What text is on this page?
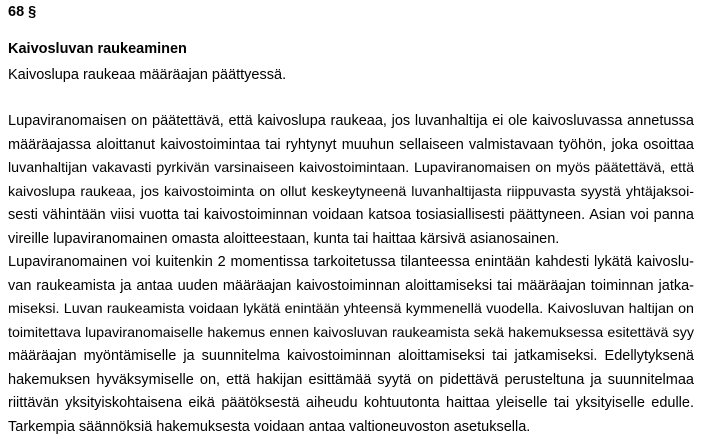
68 §
Kaivosluvan raukeaminen
Kaivoslupa raukeaa määräajan päättyessä.
Lupaviranomaisen on päätettävä, että kaivoslupa raukeaa, jos luvanhaltija ei ole kaivosluvassa annetussa
määräajassa aloittanut kaivostoimintaa tai ryhtynyt muuhun sellaiseen valmistavaan työhön, joka osoittaa
luvanhaltijan vakavasti pyrkivän varsinaiseen kaivostoimintaan. Lupaviranomaisen on myös päätettävä, että
kaivoslupa raukeaa, jos kaivostoiminta on ollut keskeytyneenä luvanhaltijasta riippuvasta syystä yhtäjaksoi-
sesti vähintään viisi vuotta tai kaivostoiminnan voidaan katsoa tosiasiallisesti päättyneen. Asian voi panna
vireille lupaviranomainen omasta aloitteestaan, kunta tai haittaa kärsivä asianosainen.
Lupaviranomainen voi kuitenkin 2 momentissa tarkoitetussa tilanteessa enintään kahdesti lykätä kaivoslu-
van raukeamista ja antaa uuden määräajan kaivostoiminnan aloittamiseksi tai määräajan toiminnan jatka-
miseksi. Luvan raukeamista voidaan lykätä enintään yhteensä kymmenellä vuodella. Kaivosluvan haltijan on
toimitettava lupaviranomaiselle hakemus ennen kaivosluvan raukeamista sekä hakemuksessa esitettävä syy
määräajan myöntämiselle ja suunnitelma kaivostoiminnan aloittamiseksi tai jatkamiseksi. Edellytyksenä
hakemuksen hyväksymiselle on, että hakijan esittämää syytä on pidettävä perusteltuna ja suunnitelmaa
riittävän yksityiskohtaisena eikä päätöksestä aiheudu kohtuutonta haittaa yleiselle tai yksityiselle edulle.
Tarkempia säännöksiä hakemuksesta voidaan antaa valtioneuvoston asetuksella.
